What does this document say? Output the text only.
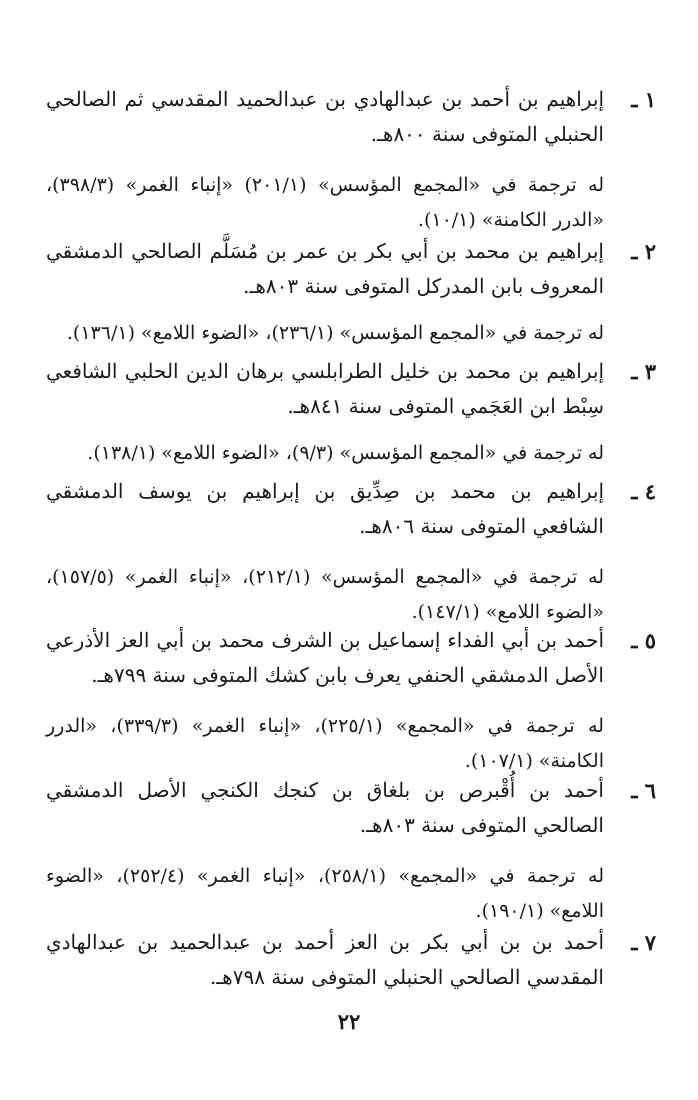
١ ـ
إبراهيم بن أحمد بن عبدالهادي بن عبدالحميد المقدسي ثم الصالحي الحنبلي المتوفى سنة ٨٠٠هـ.
له ترجمة في «المجمع المؤسس» (٢٠١/١) «إنباء الغمر» (٣٩٨/٣)، «الدرر الكامنة» (١٠/١).
٢ ـ
إبراهيم بن محمد بن أبي بكر بن عمر بن مُسَلَّم الصالحي الدمشقي المعروف بابن المدركل المتوفى سنة ٨٠٣هـ.
له ترجمة في «المجمع المؤسس» (٢٣٦/١)، «الضوء اللامع» (١٣٦/١).
٣ ـ
إبراهيم بن محمد بن خليل الطرابلسي برهان الدين الحلبي الشافعي سِبْط ابن العَجَمي المتوفى سنة ٨٤١هـ.
له ترجمة في «المجمع المؤسس» (٩/٣)، «الضوء اللامع» (١٣٨/١).
٤ ـ
إبراهيم بن محمد بن صِدِّيق بن إبراهيم بن يوسف الدمشقي الشافعي المتوفى سنة ٨٠٦هـ.
له ترجمة في «المجمع المؤسس» (٢١٢/١)، «إنباء الغمر» (١٥٧/٥)، «الضوء اللامع» (١٤٧/١).
٥ ـ
أحمد بن أبي الفداء إسماعيل بن الشرف محمد بن أبي العز الأذرعي الأصل الدمشقي الحنفي يعرف بابن كشك المتوفى سنة ٧٩٩هـ.
له ترجمة في «المجمع» (٢٢٥/١)، «إنباء الغمر» (٣٣٩/٣)، «الدرر الكامنة» (١٠٧/١).
٦ ـ
أحمد بن أُقْبرص بن بلغاق بن كنجك الكنجي الأصل الدمشقي الصالحي المتوفى سنة ٨٠٣هـ.
له ترجمة في «المجمع» (٢٥٨/١)، «إنباء الغمر» (٢٥٢/٤)، «الضوء اللامع» (١٩٠/١).
٧ ـ
أحمد بن بن أبي بكر بن العز أحمد بن عبدالحميد بن عبدالهادي المقدسي الصالحي الحنبلي المتوفى سنة ٧٩٨هـ.
٢٢
